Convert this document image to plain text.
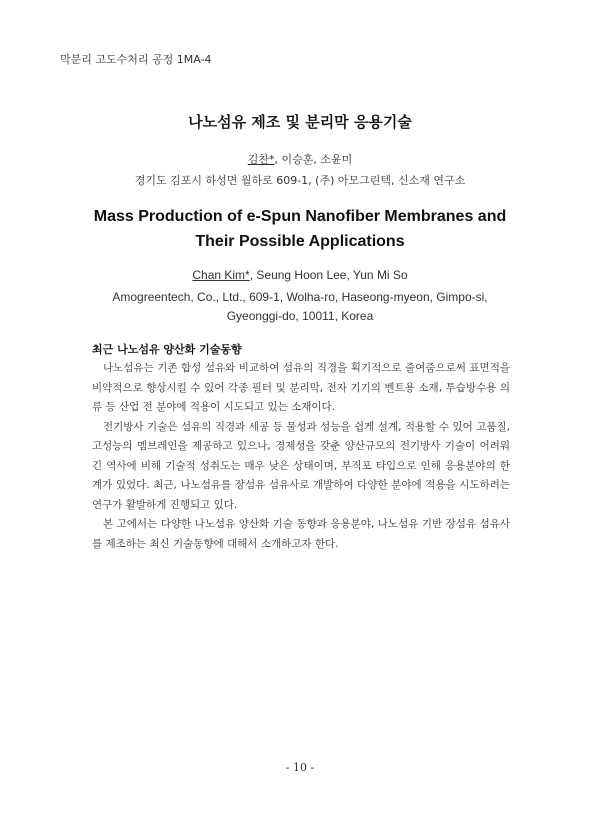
막분리 고도수처리 공정 1MA-4
나노섬유 제조 및 분리막 응용기술
김찬*, 이승훈, 소윤미
경기도 김포시 하성면 월하로 609-1, (주) 아모그린텍, 신소재 연구소
Mass Production of e-Spun Nanofiber Membranes and
Their Possible Applications
Chan Kim*, Seung Hoon Lee, Yun Mi So
Amogreentech, Co., Ltd., 609-1, Wolha-ro, Haseong-myeon, Gimpo-si,
Gyeonggi-do, 10011, Korea
최근 나노섬유 양산화 기술동향

나노섬유는 기존 합성 섬유와 비교하여 섬유의 직경을 획기적으로 줄여줌으로써 표면적을 비약적으로 향상시킬 수 있어 각종 필터 및 분리막, 전자 기기의 벤트용 소재, 투습방수용 의류 등 산업 전 분야에 적용이 시도되고 있는 소재이다.

전기방사 기술은 섬유의 직경과 세공 등 물성과 성능을 쉽게 설계, 적용할 수 있어 고품질, 고성능의 멤브레인을 제공하고 있으나, 경제성을 갖춘 양산규모의 전기방사 기술이 어려워 긴 역사에 비해 기술적 성취도는 매우 낮은 상태이며, 부직포 타입으로 인해 응용분야의 한계가 있었다. 최근, 나노섬유를 장섬유 섬유사로 개발하여 다양한 분야에 적용을 시도하려는 연구가 활발하게 진행되고 있다.

본 고에서는 다양한 나노섬유 양산화 기술 동향과 응용분야, 나노섬유 기반 장섬유 섬유사를 제조하는 최신 기술동향에 대해서 소개하고자 한다.

- 10 -
